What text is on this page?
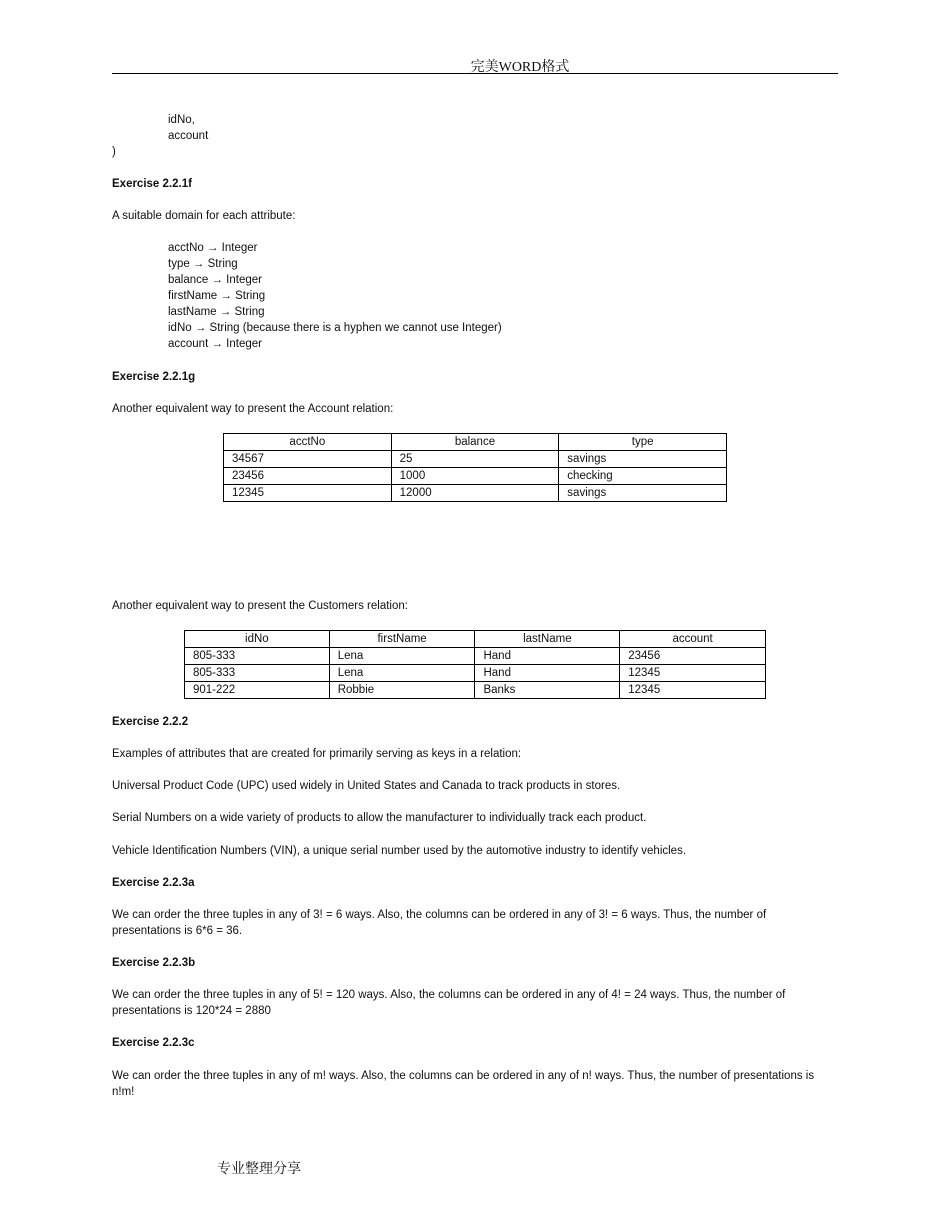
完美WORD格式
idNo,
account
)
Exercise 2.2.1f
A suitable domain for each attribute:
acctNo → Integer
type → String
balance → Integer
firstName → String
lastName → String
idNo → String (because there is a hyphen we cannot use Integer)
account → Integer
Exercise 2.2.1g
Another equivalent way to present the Account relation:
acctNo	balance	type
34567	25	savings
23456	1000	checking
12345	12000	savings
Another equivalent way to present the Customers relation:
idNo	firstName	lastName	account
805-333	Lena	Hand	23456
805-333	Lena	Hand	12345
901-222	Robbie	Banks	12345
Exercise 2.2.2
Examples of attributes that are created for primarily serving as keys in a relation:
Universal Product Code (UPC) used widely in United States and Canada to track products in stores.
Serial Numbers on a wide variety of products to allow the manufacturer to individually track each product.
Vehicle Identification Numbers (VIN), a unique serial number used by the automotive industry to identify vehicles.
Exercise 2.2.3a
We can order the three tuples in any of 3! = 6 ways. Also, the columns can be ordered in any of 3! = 6 ways. Thus, the number of presentations is 6*6 = 36.
Exercise 2.2.3b
We can order the three tuples in any of 5! = 120 ways. Also, the columns can be ordered in any of 4! = 24 ways. Thus, the number of presentations is 120*24 = 2880
Exercise 2.2.3c
We can order the three tuples in any of m! ways. Also, the columns can be ordered in any of n! ways. Thus, the number of presentations is n!m!
专业整理分享
